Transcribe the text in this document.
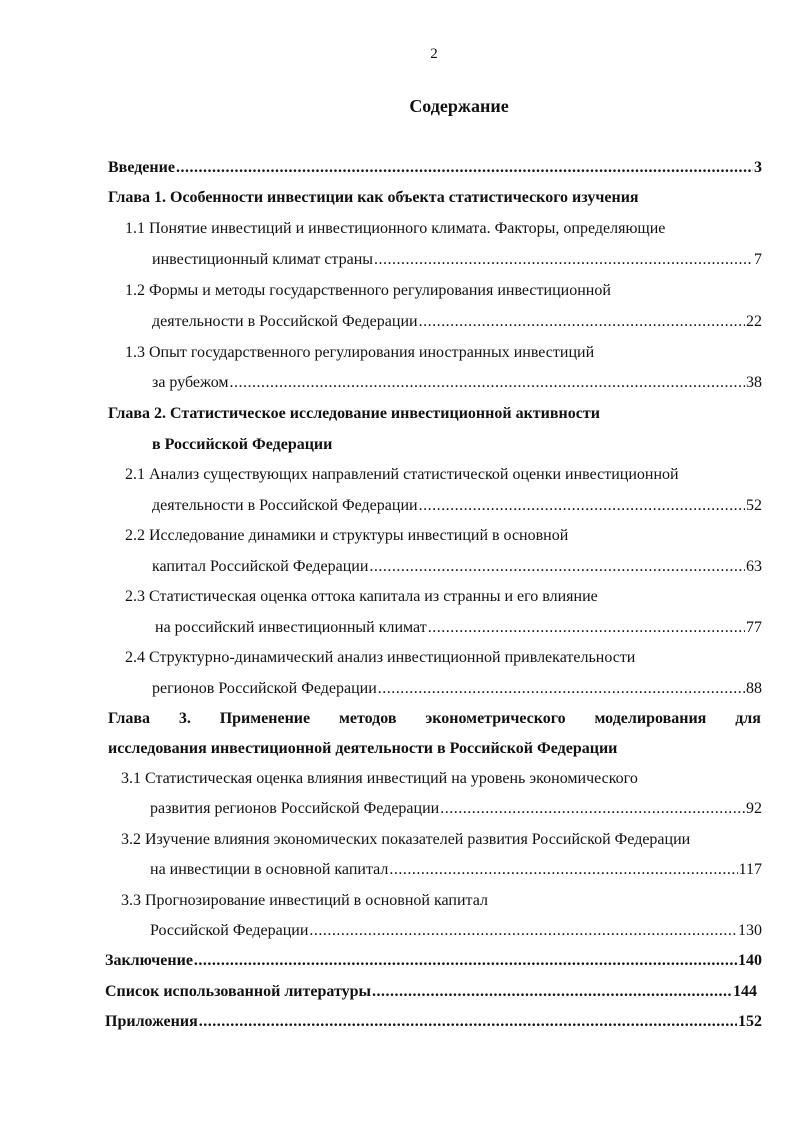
2
Содержание
Введение .....	3
Глава 1. Особенности инвестиции как объекта статистического изучения
1.1 Понятие инвестиций и инвестиционного климата. Факторы, определяющие
инвестиционный климат страны .....	7
1.2 Формы и методы государственного регулирования инвестиционной
деятельности в Российской Федерации .....	22
1.3 Опыт государственного регулирования иностранных инвестиций
за рубежом .....	38
Глава 2. Статистическое исследование инвестиционной активности
в Российской Федерации
2.1 Анализ существующих направлений статистической оценки инвестиционной
деятельности в Российской Федерации .....	52
2.2 Исследование динамики и структуры инвестиций в основной
капитал Российской Федерации .....	63
2.3 Статистическая оценка оттока капитала из странны и его влияние
на российский инвестиционный климат .....	77
2.4 Структурно-динамический анализ инвестиционной привлекательности
регионов Российской Федерации .....	88
Глава 3. Применение методов эконометрического моделирования для
исследования инвестиционной деятельности в Российской Федерации
3.1 Статистическая оценка влияния инвестиций на уровень экономического
развития регионов Российской Федерации .....	92
3.2 Изучение влияния экономических показателей развития Российской Федерации
на инвестиции в основной капитал .....	117
3.3 Прогнозирование инвестиций в основной капитал
Российской Федерации .....	130
Заключение .....	140
Список использованной литературы .....	144
Приложения .....	152
